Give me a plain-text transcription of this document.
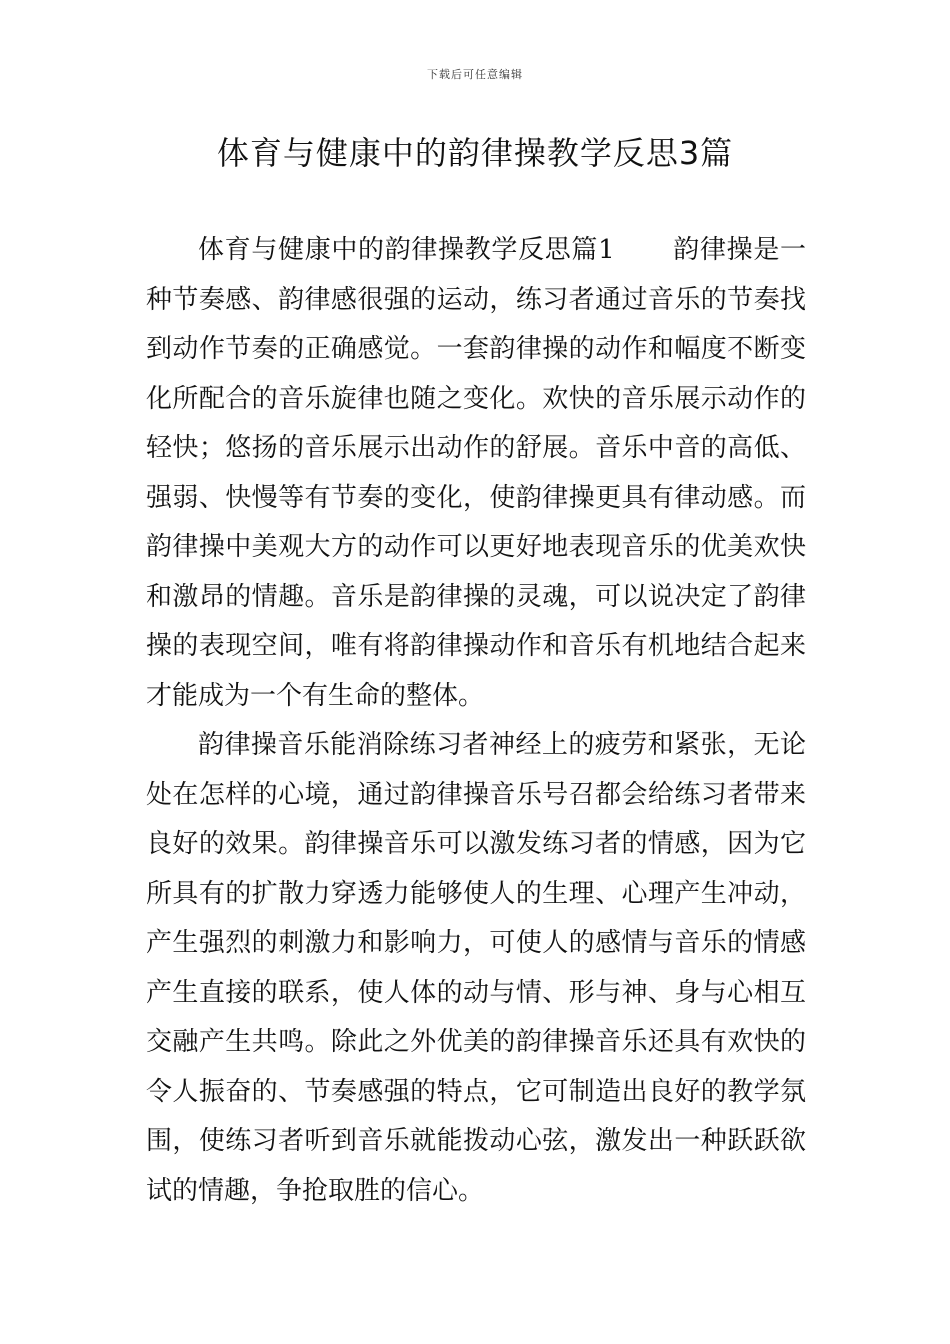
下载后可任意编辑
体育与健康中的韵律操教学反思3篇

体育与健康中的韵律操教学反思篇1 韵律操是一种节奏感、韵律感很强的运动，练习者通过音乐的节奏找到动作节奏的正确感觉。一套韵律操的动作和幅度不断变化所配合的音乐旋律也随之变化。欢快的音乐展示动作的轻快；悠扬的音乐展示出动作的舒展。音乐中音的高低、强弱、快慢等有节奏的变化，使韵律操更具有律动感。而韵律操中美观大方的动作可以更好地表现音乐的优美欢快和激昂的情趣。音乐是韵律操的灵魂，可以说决定了韵律操的表现空间，唯有将韵律操动作和音乐有机地结合起来才能成为一个有生命的整体。

韵律操音乐能消除练习者神经上的疲劳和紧张，无论处在怎样的心境，通过韵律操音乐号召都会给练习者带来良好的效果。韵律操音乐可以激发练习者的情感，因为它所具有的扩散力穿透力能够使人的生理、心理产生冲动，产生强烈的刺激力和影响力，可使人的感情与音乐的情感产生直接的联系，使人体的动与情、形与神、身与心相互交融产生共鸣。除此之外优美的韵律操音乐还具有欢快的令人振奋的、节奏感强的特点，它可制造出良好的教学氛围，使练习者听到音乐就能拨动心弦，激发出一种跃跃欲试的情趣，争抢取胜的信心。
